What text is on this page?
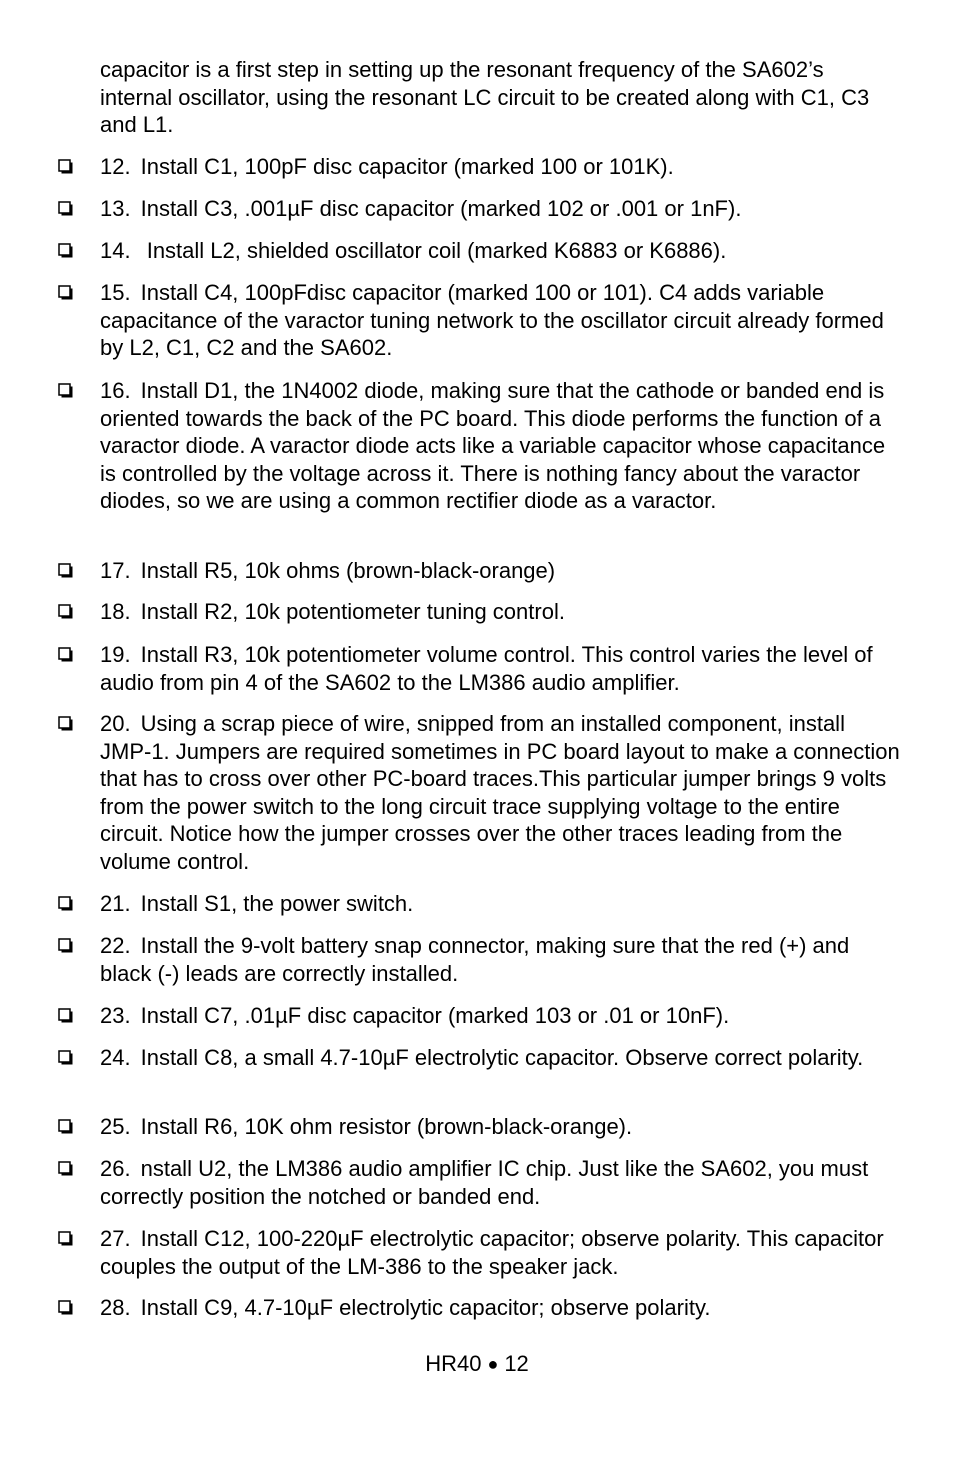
capacitor is a first step in setting up the resonant frequency of the SA602’s internal oscillator, using the resonant LC circuit to be created along with C1, C3 and L1.

12. Install C1, 100pF disc capacitor (marked 100 or 101K).

13. Install C3, .001µF disc capacitor (marked 102 or .001 or 1nF).

14. Install L2, shielded oscillator coil (marked K6883 or K6886).

15. Install C4, 100pFdisc capacitor (marked 100 or 101). C4 adds variable capacitance of the varactor tuning network to the oscillator circuit already formed by L2, C1, C2 and the SA602.

16. Install D1, the 1N4002 diode, making sure that the cathode or banded end is oriented towards the back of the PC board. This diode performs the function of a varactor diode. A varactor diode acts like a variable capacitor whose capacitance is controlled by the voltage across it. There is nothing fancy about the varactor diodes, so we are using a common rectifier diode as a varactor.

17. Install R5, 10k ohms (brown-black-orange)

18. Install R2, 10k potentiometer tuning control.

19. Install R3, 10k potentiometer volume control. This control varies the level of audio from pin 4 of the SA602 to the LM386 audio amplifier.

20. Using a scrap piece of wire, snipped from an installed component, install JMP-1. Jumpers are required sometimes in PC board layout to make a connection that has to cross over other PC-board traces.This particular jumper brings 9 volts from the power switch to the long circuit trace supplying voltage to the entire circuit. Notice how the jumper crosses over the other traces leading from the volume control.

21. Install S1, the power switch.

22. Install the 9-volt battery snap connector, making sure that the red (+) and black (-) leads are correctly installed.

23. Install C7, .01µF disc capacitor (marked 103 or .01 or 10nF).

24. Install C8, a small 4.7-10µF electrolytic capacitor. Observe correct polarity.

25. Install R6, 10K ohm resistor (brown-black-orange).

26. nstall U2, the LM386 audio amplifier IC chip. Just like the SA602, you must correctly position the notched or banded end.

27. Install C12, 100-220µF electrolytic capacitor; observe polarity. This capacitor couples the output of the LM-386 to the speaker jack.

28. Install C9, 4.7-10µF electrolytic capacitor; observe polarity.

HR40 ● 12
